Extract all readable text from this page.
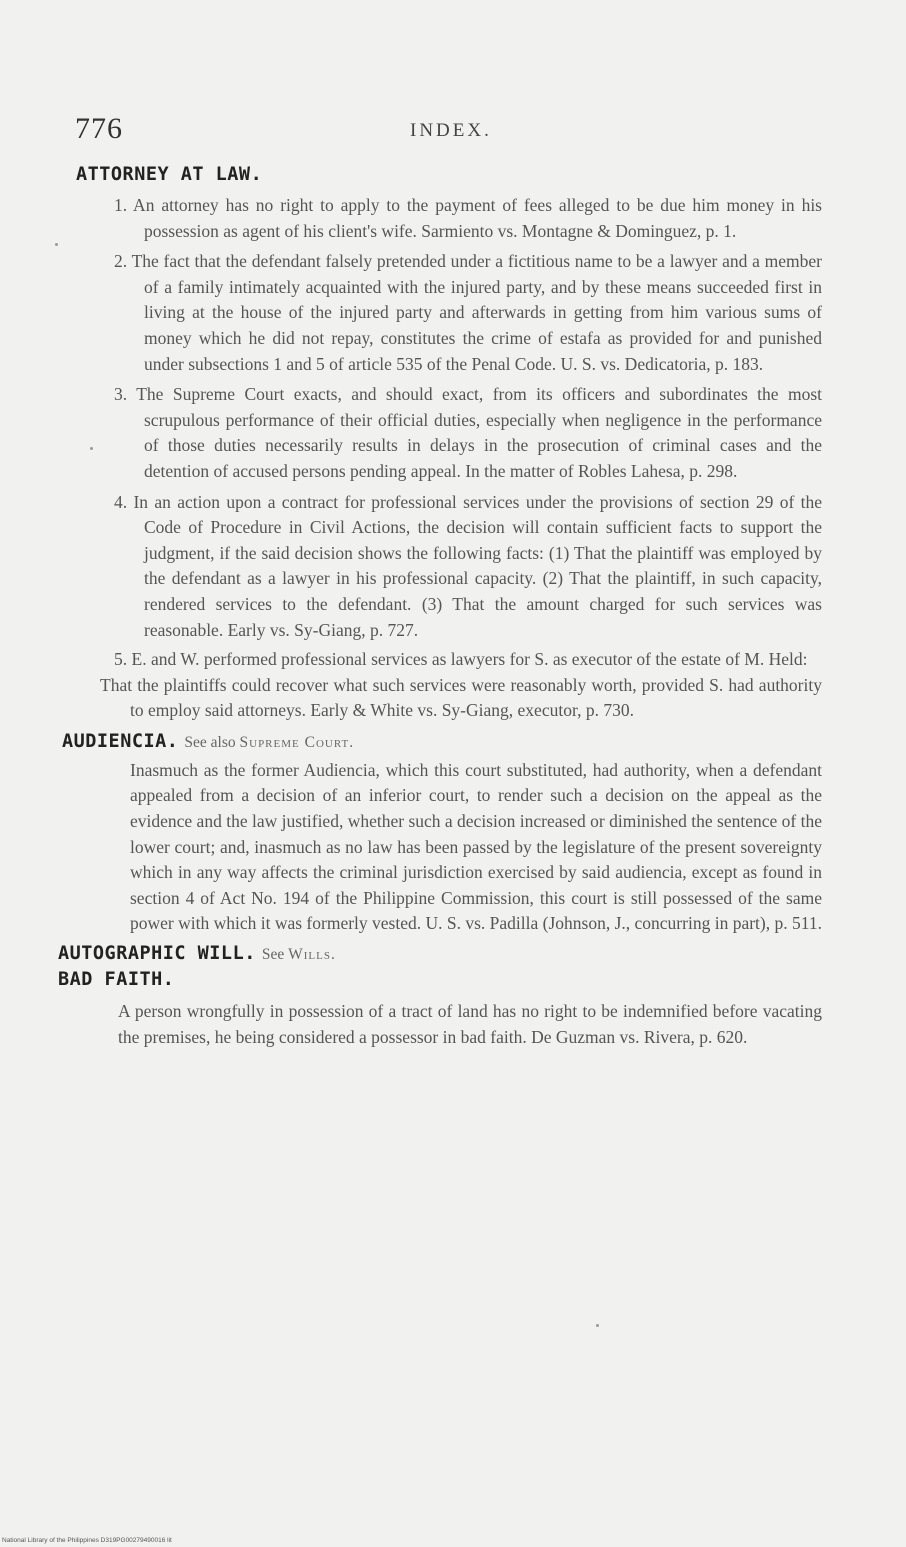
776	INDEX.
ATTORNEY AT LAW.
1. An attorney has no right to apply to the payment of fees alleged to be due him money in his possession as agent of his client's wife. Sarmiento vs. Montagne & Dominguez, p. 1.
2. The fact that the defendant falsely pretended under a fictitious name to be a lawyer and a member of a family intimately acquainted with the injured party, and by these means succeeded first in living at the house of the injured party and afterwards in getting from him various sums of money which he did not repay, constitutes the crime of estafa as provided for and punished under subsections 1 and 5 of article 535 of the Penal Code. U. S. vs. Dedicatoria, p. 183.
3. The Supreme Court exacts, and should exact, from its officers and subordinates the most scrupulous performance of their official duties, especially when negligence in the performance of those duties necessarily results in delays in the prosecution of criminal cases and the detention of accused persons pending appeal. In the matter of Robles Lahesa, p. 298.
4. In an action upon a contract for professional services under the provisions of section 29 of the Code of Procedure in Civil Actions, the decision will contain sufficient facts to support the judgment, if the said decision shows the following facts: (1) That the plaintiff was employed by the defendant as a lawyer in his professional capacity. (2) That the plaintiff, in such capacity, rendered services to the defendant. (3) That the amount charged for such services was reasonable. Early vs. Sy-Giang, p. 727.
5. E. and W. performed professional services as lawyers for S. as executor of the estate of M. Held:
That the plaintiffs could recover what such services were reasonably worth, provided S. had authority to employ said attorneys. Early & White vs. Sy-Giang, executor, p. 730.
AUDIENCIA. See also Supreme Court.
Inasmuch as the former Audiencia, which this court substituted, had authority, when a defendant appealed from a decision of an inferior court, to render such a decision on the appeal as the evidence and the law justified, whether such a decision increased or diminished the sentence of the lower court; and, inasmuch as no law has been passed by the legislature of the present sovereignty which in any way affects the criminal jurisdiction exercised by said audiencia, except as found in section 4 of Act No. 194 of the Philippine Commission, this court is still possessed of the same power with which it was formerly vested. U. S. vs. Padilla (Johnson, J., concurring in part), p. 511.
AUTOGRAPHIC WILL. See Wills.
BAD FAITH.
A person wrongfully in possession of a tract of land has no right to be indemnified before vacating the premises, he being considered a possessor in bad faith. De Guzman vs. Rivera, p. 620.
National Library of the Philippines D319PG00279490016 lit
